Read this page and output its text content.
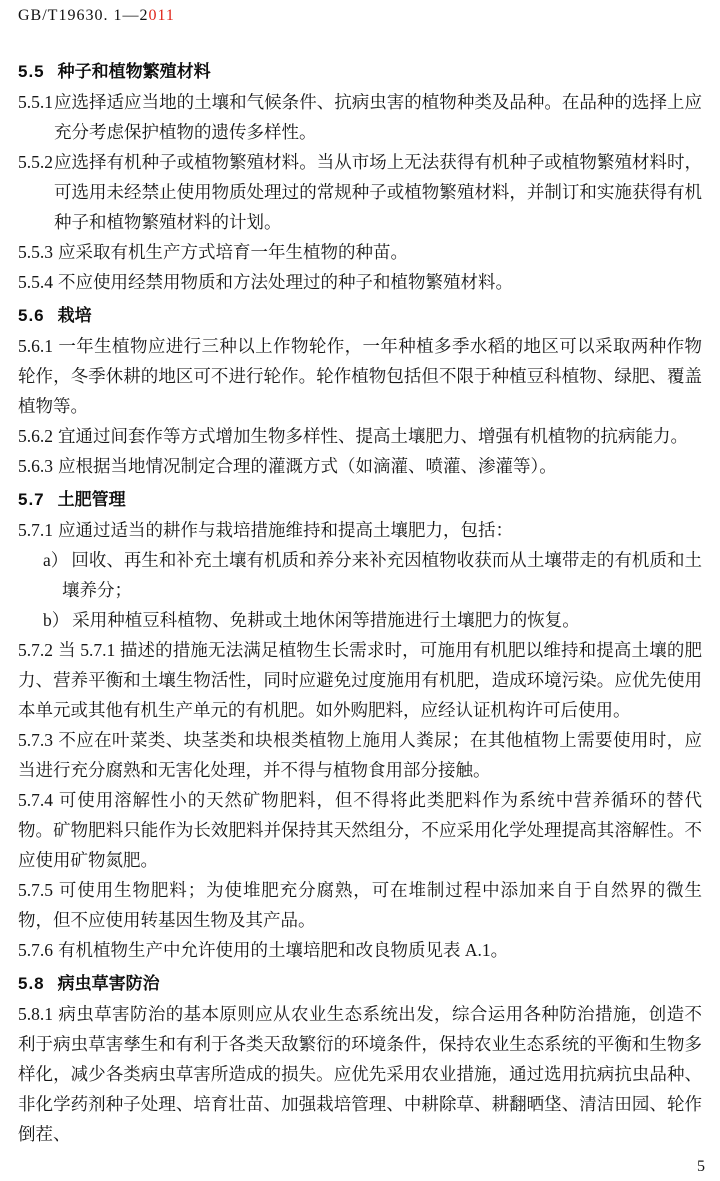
GB/T19630. 1—2011
5.5 种子和植物繁殖材料

5.5.1 应选择适应当地的土壤和气候条件、抗病虫害的植物种类及品种。在品种的选择上应充分考虑保护植物的遗传多样性。

5.5.2 应选择有机种子或植物繁殖材料。当从市场上无法获得有机种子或植物繁殖材料时，可选用未经禁止使用物质处理过的常规种子或植物繁殖材料，并制订和实施获得有机种子和植物繁殖材料的计划。

5.5.3 应采取有机生产方式培育一年生植物的种苗。

5.5.4 不应使用经禁用物质和方法处理过的种子和植物繁殖材料。

5.6 栽培

5.6.1 一年生植物应进行三种以上作物轮作，一年种植多季水稻的地区可以采取两种作物轮作，冬季休耕的地区可不进行轮作。轮作植物包括但不限于种植豆科植物、绿肥、覆盖植物等。

5.6.2 宜通过间套作等方式增加生物多样性、提高土壤肥力、增强有机植物的抗病能力。

5.6.3 应根据当地情况制定合理的灌溉方式（如滴灌、喷灌、渗灌等）。

5.7 土肥管理

5.7.1 应通过适当的耕作与栽培措施维持和提高土壤肥力，包括：

a） 回收、再生和补充土壤有机质和养分来补充因植物收获而从土壤带走的有机质和土壤养分；

b） 采用种植豆科植物、免耕或土地休闲等措施进行土壤肥力的恢复。

5.7.2 当 5.7.1 描述的措施无法满足植物生长需求时，可施用有机肥以维持和提高土壤的肥力、营养平衡和土壤生物活性，同时应避免过度施用有机肥，造成环境污染。应优先使用本单元或其他有机生产单元的有机肥。如外购肥料，应经认证机构许可后使用。

5.7.3 不应在叶菜类、块茎类和块根类植物上施用人粪尿；在其他植物上需要使用时，应当进行充分腐熟和无害化处理，并不得与植物食用部分接触。

5.7.4 可使用溶解性小的天然矿物肥料，但不得将此类肥料作为系统中营养循环的替代物。矿物肥料只能作为长效肥料并保持其天然组分，不应采用化学处理提高其溶解性。不应使用矿物氮肥。

5.7.5 可使用生物肥料；为使堆肥充分腐熟，可在堆制过程中添加来自于自然界的微生物，但不应使用转基因生物及其产品。

5.7.6 有机植物生产中允许使用的土壤培肥和改良物质见表 A.1。

5.8 病虫草害防治

5.8.1 病虫草害防治的基本原则应从农业生态系统出发，综合运用各种防治措施，创造不利于病虫草害孳生和有利于各类天敌繁衍的环境条件，保持农业生态系统的平衡和生物多样化，减少各类病虫草害所造成的损失。应优先采用农业措施，通过选用抗病抗虫品种、非化学药剂种子处理、培育壮苗、加强栽培管理、中耕除草、耕翻晒垡、清洁田园、轮作倒茬、

5
